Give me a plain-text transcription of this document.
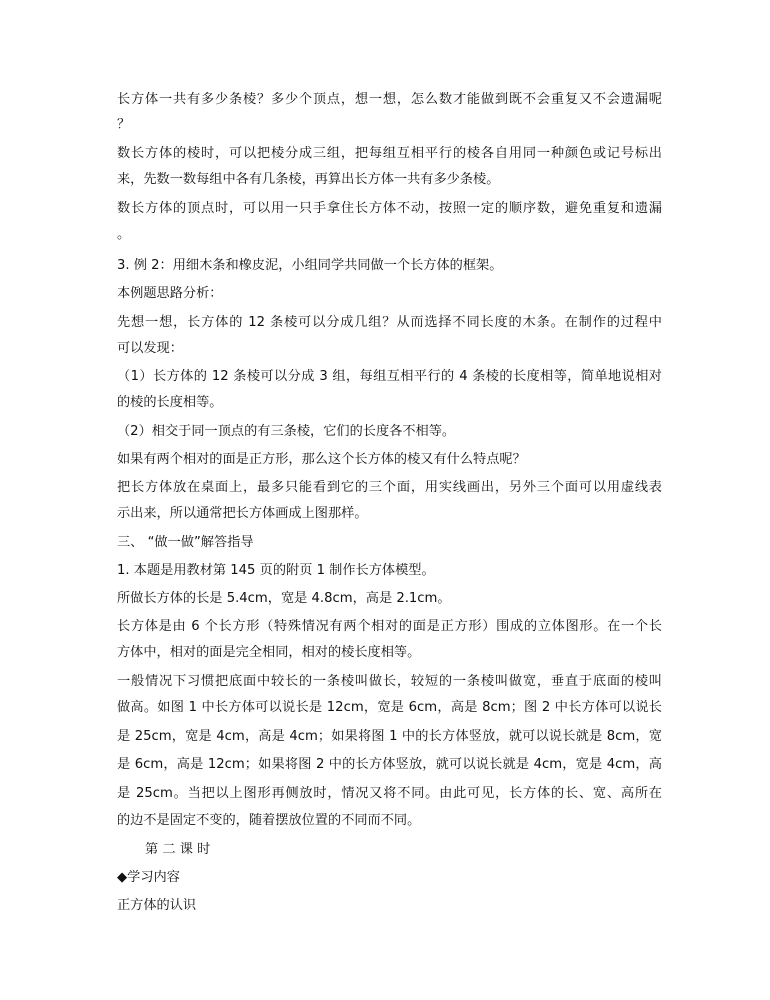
长方体一共有多少条棱？多少个顶点，想一想，怎么数才能做到既不会重复又不会遗漏呢
？
数长方体的棱时，可以把棱分成三组，把每组互相平行的棱各自用同一种颜色或记号标出
来，先数一数每组中各有几条棱，再算出长方体一共有多少条棱。
数长方体的顶点时，可以用一只手拿住长方体不动，按照一定的顺序数，避免重复和遗漏
。
3. 例 2：用细木条和橡皮泥，小组同学共同做一个长方体的框架。
本例题思路分析：
先想一想，长方体的 12 条棱可以分成几组？从而选择不同长度的木条。在制作的过程中
可以发现：
（1）长方体的 12 条棱可以分成 3 组，每组互相平行的 4 条棱的长度相等，简单地说相对
的棱的长度相等。
（2）相交于同一顶点的有三条棱，它们的长度各不相等。
如果有两个相对的面是正方形，那么这个长方体的棱又有什么特点呢？
把长方体放在桌面上，最多只能看到它的三个面，用实线画出，另外三个面可以用虚线表
示出来，所以通常把长方体画成上图那样。
三、 “做一做”解答指导
1. 本题是用教材第 145 页的附页 1 制作长方体模型。
所做长方体的长是 5.4cm，宽是 4.8cm，高是 2.1cm。
长方体是由 6 个长方形（特殊情况有两个相对的面是正方形）围成的立体图形。在一个长
方体中，相对的面是完全相同，相对的棱长度相等。
一般情况下习惯把底面中较长的一条棱叫做长，较短的一条棱叫做宽，垂直于底面的棱叫
做高。如图 1 中长方体可以说长是 12cm，宽是 6cm，高是 8cm；图 2 中长方体可以说长
是 25cm，宽是 4cm，高是 4cm；如果将图 1 中的长方体竖放，就可以说长就是 8cm，宽
是 6cm，高是 12cm；如果将图 2 中的长方体竖放，就可以说长就是 4cm，宽是 4cm，高
是 25cm。当把以上图形再侧放时，情况又将不同。由此可见，长方体的长、宽、高所在
的边不是固定不变的，随着摆放位置的不同而不同。
第 二 课 时
◆学习内容
正方体的认识
